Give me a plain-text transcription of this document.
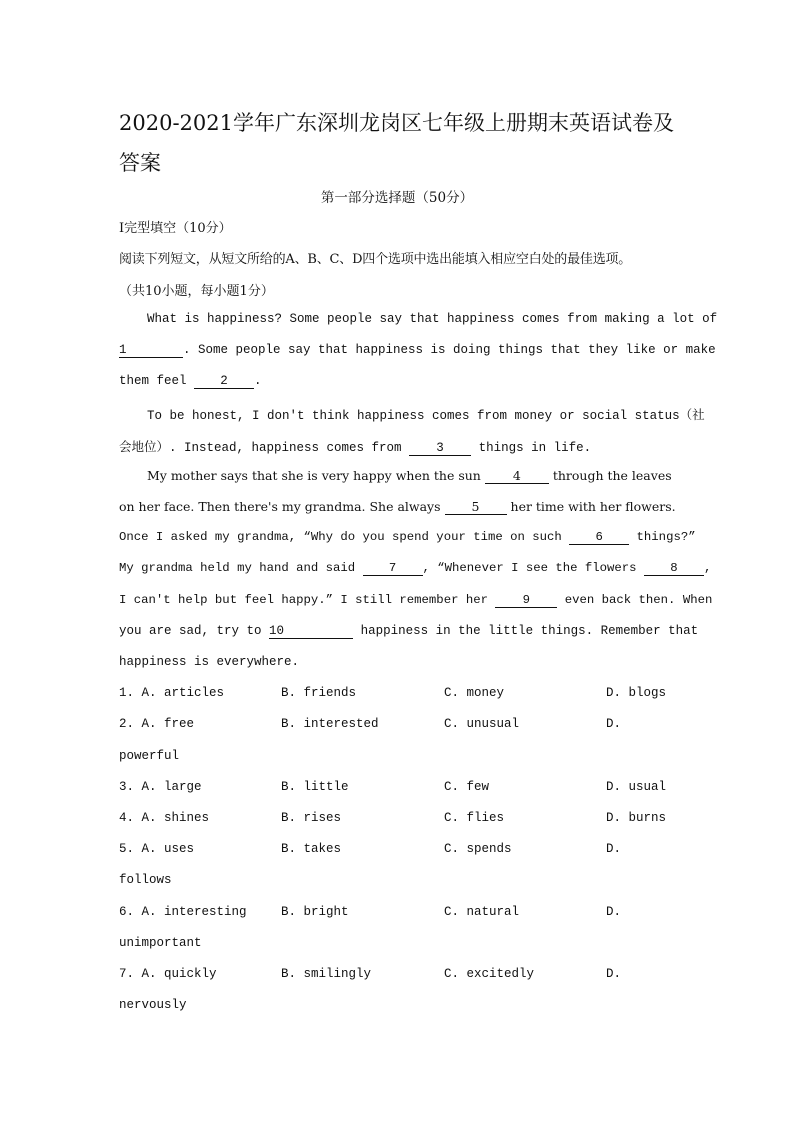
2020-2021学年广东深圳龙岗区七年级上册期末英语试卷及答案
第一部分选择题（50分）
I完型填空（10分）
阅读下列短文，从短文所给的A、B、C、D四个选项中选出能填入相应空白处的最佳选项。
（共10小题，每小题1分）
What is happiness? Some people say that happiness comes from making a lot of
1	. Some people say that happiness is doing things that they like or make
them feel	2 .
To be honest, I don't think happiness comes from money or social status（社
会地位）. Instead, happiness comes from	3	things in life.
My mother says that she is very happy when the sun	4	through the leaves
on her face. Then there's my grandma. She always 5 her time with her flowers.
Once I asked my grandma, “Why do you spend your time on such	6	things?”
My grandma held my hand and said	7 , “Whenever I see the flowers	8 ,
I can't help but feel happy.” I still remember her	9	even back then. When
you are sad, try to 10	happiness in the little things. Remember that
happiness is everywhere.
1. A. articles	B. friends	C. money	D. blogs
2. A. free	B. interested	C. unusual	D.
powerful
3. A. large	B. little	C. few	D. usual
4. A. shines	B. rises	C. flies	D. burns
5. A. uses	B. takes	C. spends	D.
follows
6. A. interesting	B. bright	C. natural	D.
unimportant
7. A. quickly	B. smilingly	C. excitedly	D.
nervously
